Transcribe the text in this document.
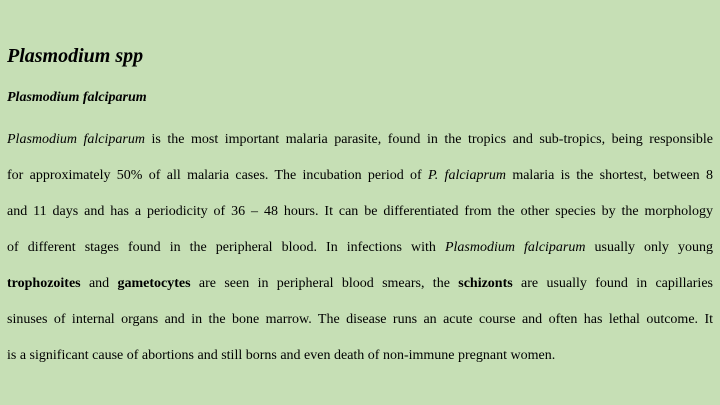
Plasmodium spp
Plasmodium falciparum

Plasmodium falciparum is the most important malaria parasite, found in the tropics and sub-tropics, being responsible
for approximately 50% of all malaria cases. The incubation period of P. falciaprum malaria is the shortest, between 8
and 11 days and has a periodicity of 36 – 48 hours. It can be differentiated from the other species by the morphology
of different stages found in the peripheral blood. In infections with Plasmodium falciparum usually only young
trophozoites and gametocytes are seen in peripheral blood smears, the schizonts are usually found in capillaries
sinuses of internal organs and in the bone marrow. The disease runs an acute course and often has lethal outcome. It
is a significant cause of abortions and still borns and even death of non-immune pregnant women.
